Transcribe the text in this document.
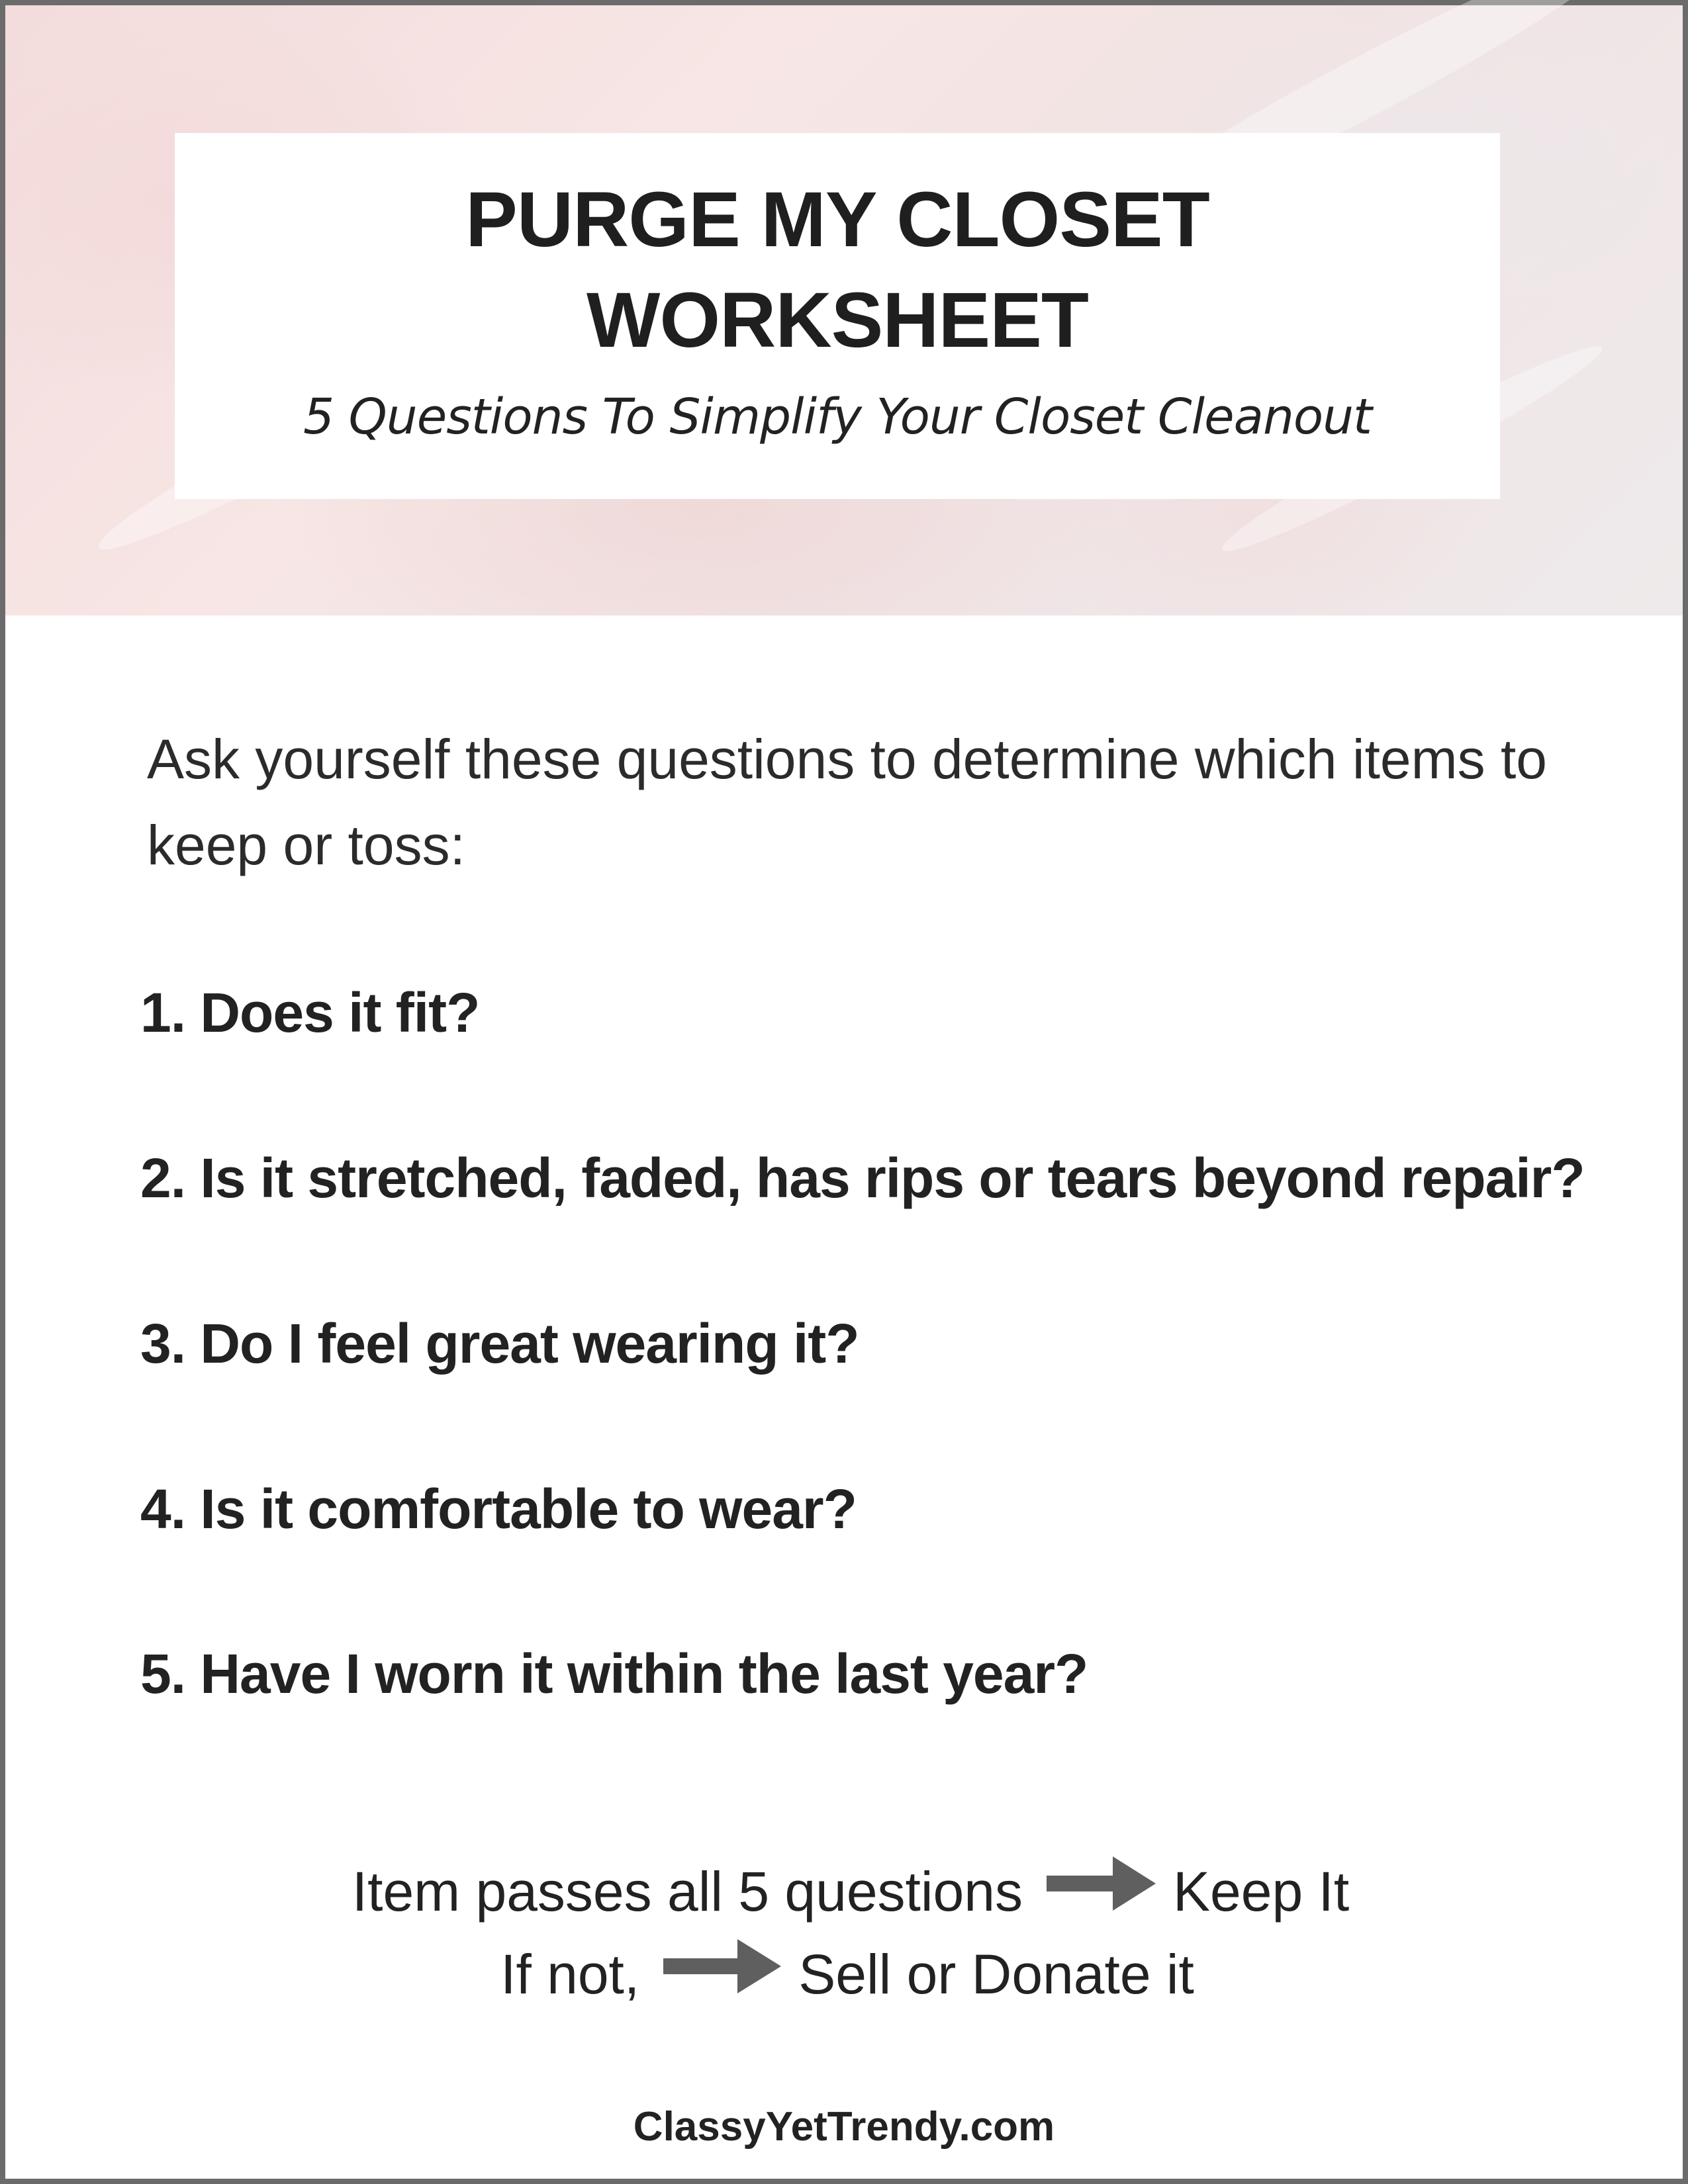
PURGE MY CLOSET
WORKSHEET
5 Questions To Simplify Your Closet Cleanout
Ask yourself these questions to determine which items to keep or toss:
1. Does it fit?
2. Is it stretched, faded, has rips or tears beyond repair?
3. Do I feel great wearing it?
4. Is it comfortable to wear?
5. Have I worn it within the last year?
Item passes all 5 questions	Keep It
If not,	Sell or Donate it
ClassyYetTrendy.com
